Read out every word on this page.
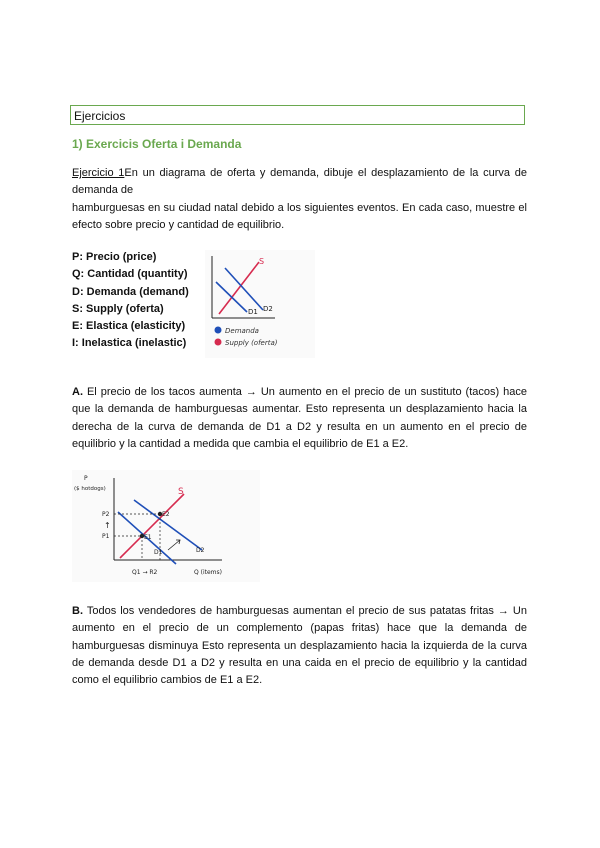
Ejercicios
1) Exercicis Oferta i Demanda
Ejercicio 1En un diagrama de oferta y demanda, dibuje el desplazamiento de la curva de demanda de
hamburguesas en su ciudad natal debido a los siguientes eventos. En cada caso, muestre el efecto sobre precio y cantidad de equilibrio.
P: Precio (price)
Q: Cantidad (quantity)
D: Demanda (demand)
S: Supply (oferta)
E: Elastica (elasticity)
I: Inelastica (inelastic)
S
D2
D1
Demanda
Supply (oferta)
A. El precio de los tacos aumenta → Un aumento en el precio de un sustituto (tacos) hace que la demanda de hamburguesas aumentar. Esto representa un desplazamiento hacia la derecha de la curva de demanda de D1 a D2 y resulta en un aumento en el precio de equilibrio y la cantidad a medida que cambia el equilibrio de E1 a E2.
P
($ hotdogs)
P2
P1
↑
E1
E2
S
D1	D2
Q1 → R2	Q (items)
B. Todos los vendedores de hamburguesas aumentan el precio de sus patatas fritas → Un aumento en el precio de un complemento (papas fritas) hace que la demanda de hamburguesas disminuya Esto representa un desplazamiento hacia la izquierda de la curva de demanda desde D1 a D2 y resulta en una caida en el precio de equilibrio y la cantidad como el equilibrio cambios de E1 a E2.
